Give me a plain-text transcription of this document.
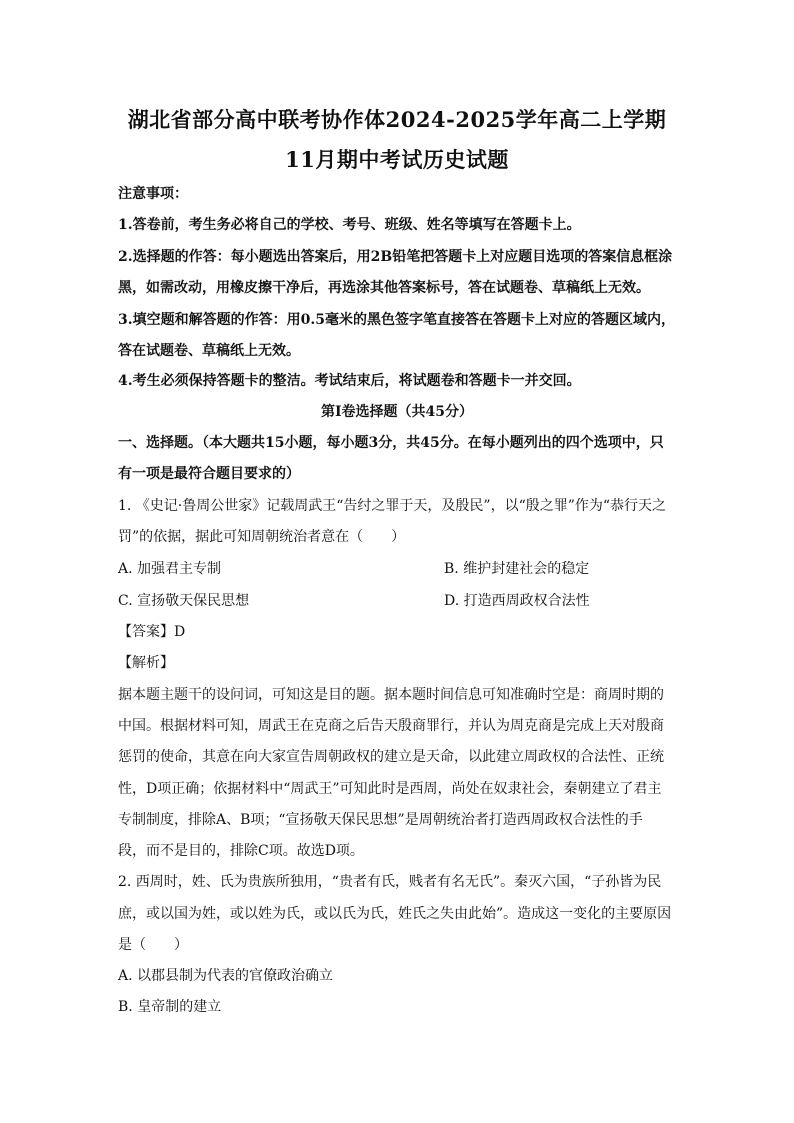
湖北省部分高中联考协作体2024-2025学年高二上学期
11月期中考试历史试题
注意事项：
1.答卷前，考生务必将自己的学校、考号、班级、姓名等填写在答题卡上。
2.选择题的作答：每小题选出答案后，用2B铅笔把答题卡上对应题目选项的答案信息框涂
黑，如需改动，用橡皮擦干净后，再选涂其他答案标号，答在试题卷、草稿纸上无效。
3.填空题和解答题的作答：用0.5毫米的黑色签字笔直接答在答题卡上对应的答题区域内，
答在试题卷、草稿纸上无效。
4.考生必须保持答题卡的整洁。考试结束后，将试题卷和答题卡一并交回。
第Ⅰ卷选择题（共45分）
一、选择题。（本大题共15小题，每小题3分，共45分。在每小题列出的四个选项中，只
有一项是最符合题目要求的）
1. 《史记·鲁周公世家》记载周武王“告纣之罪于天，及殷民”，以“殷之罪”作为“恭行天之
罚”的依据，据此可知周朝统治者意在（　　）
A. 加强君主专制	B. 维护封建社会的稳定
C. 宣扬敬天保民思想	D. 打造西周政权合法性
【答案】D
【解析】
据本题主题干的设问词，可知这是目的题。据本题时间信息可知准确时空是：商周时期的
中国。根据材料可知，周武王在克商之后告天殷商罪行，并认为周克商是完成上天对殷商
惩罚的使命，其意在向大家宣告周朝政权的建立是天命，以此建立周政权的合法性、正统
性，D项正确；依据材料中“周武王”可知此时是西周，尚处在奴隶社会，秦朝建立了君主
专制制度，排除A、B项；“宣扬敬天保民思想”是周朝统治者打造西周政权合法性的手
段，而不是目的，排除C项。故选D项。
2. 西周时，姓、氏为贵族所独用，“贵者有氏，贱者有名无氏”。秦灭六国，“子孙皆为民
庶，或以国为姓，或以姓为氏，或以氏为氏，姓氏之失由此始”。造成这一变化的主要原因
是（　　）
A. 以郡县制为代表的官僚政治确立
B. 皇帝制的建立
